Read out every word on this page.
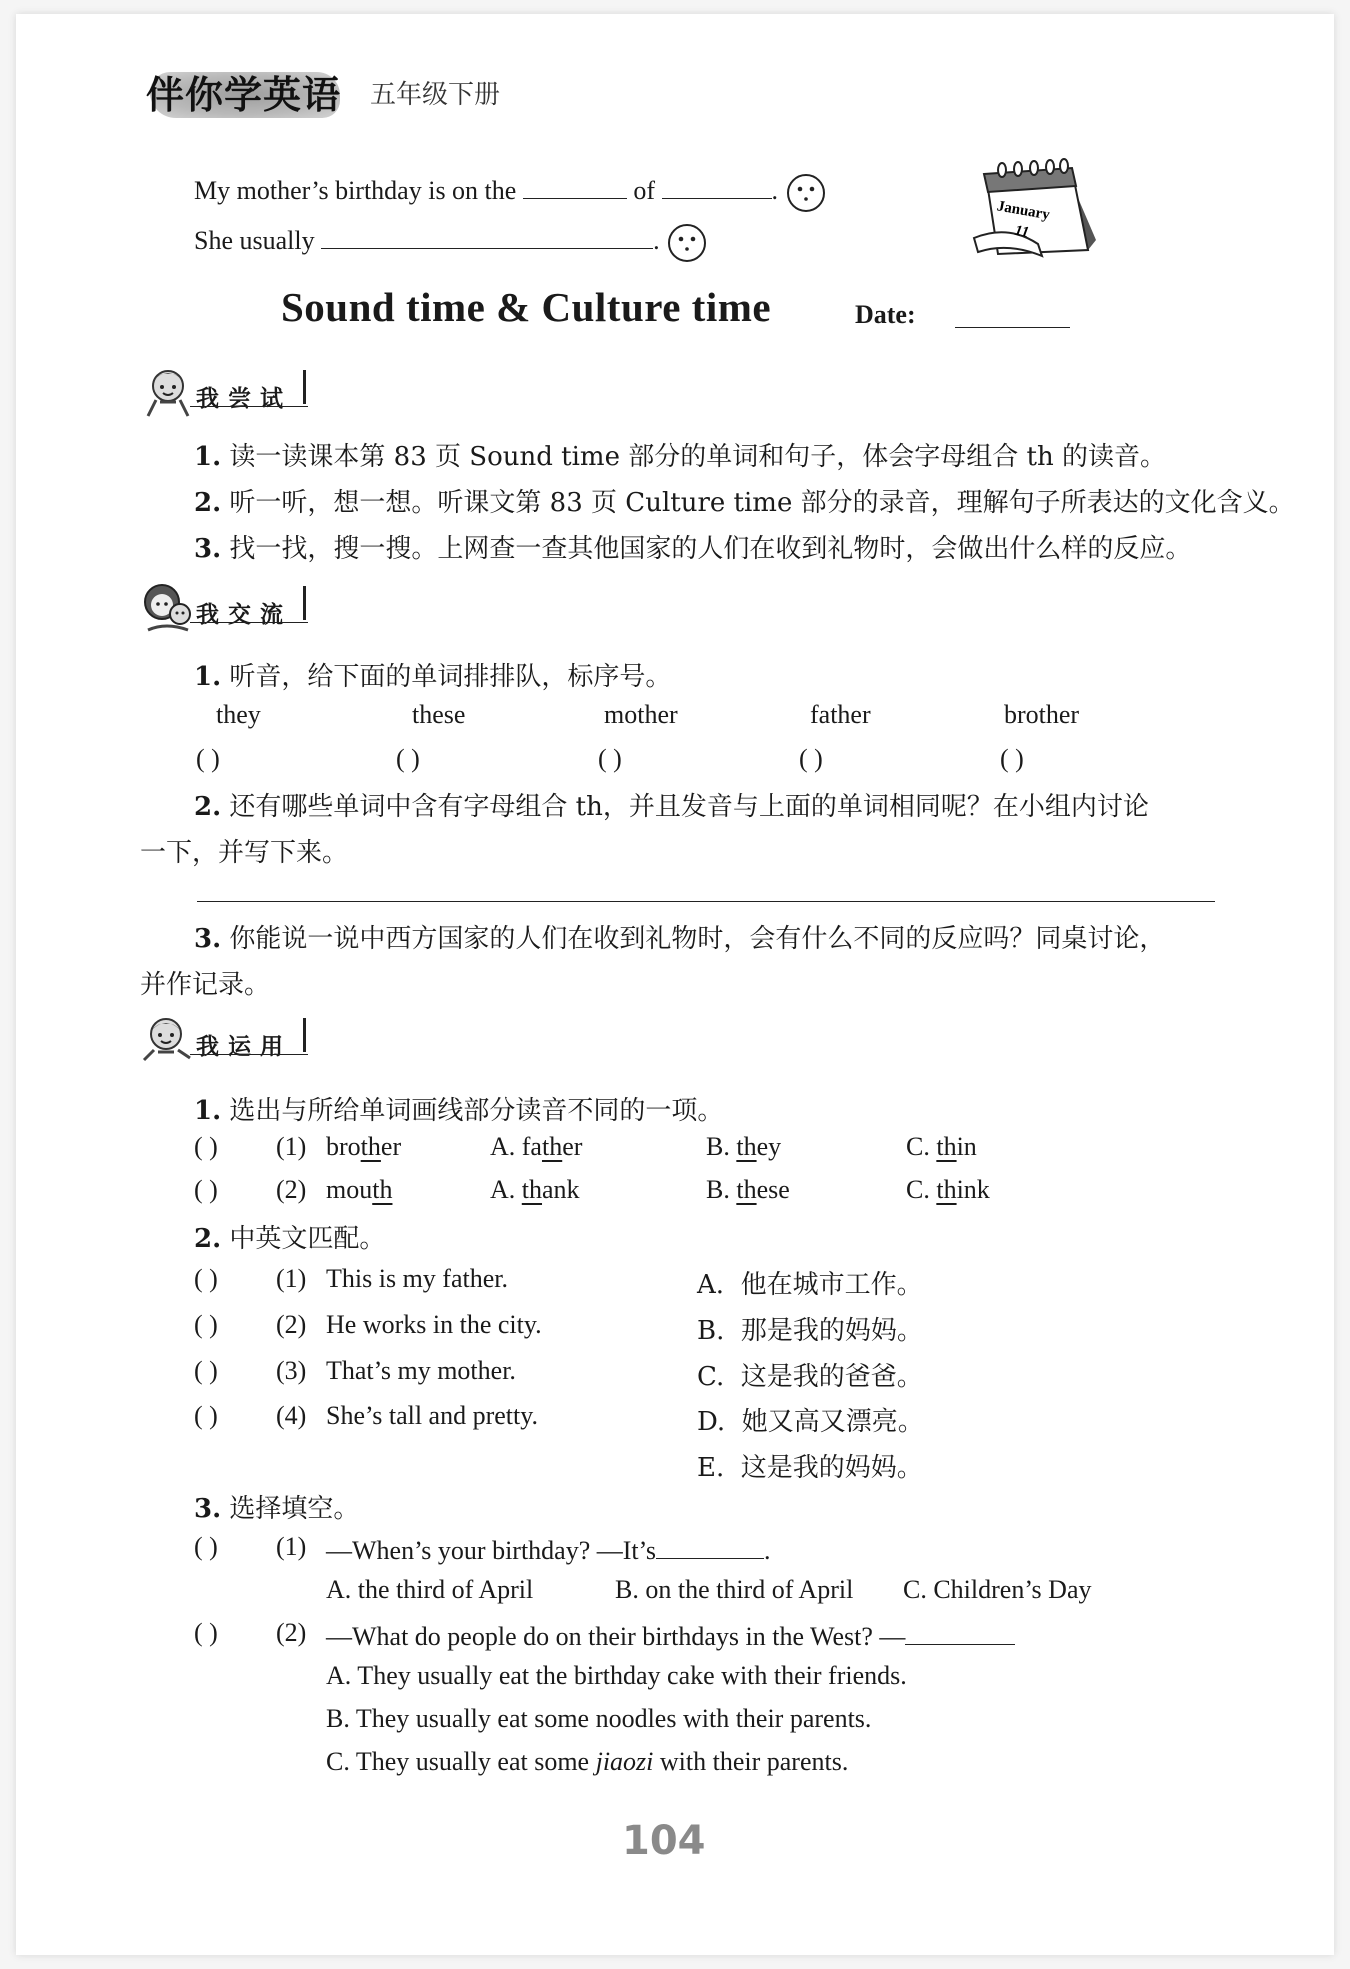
伴你学英语 五年级下册
My mother’s birthday is on the	of	.
She usually	.
January
11
Sound time & Culture time	Date:
我尝试
1. 读一读课本第 83 页 Sound time 部分的单词和句子，体会字母组合 th 的读音。
2. 听一听，想一想。听课文第 83 页 Culture time 部分的录音，理解句子所表达的文化含义。
3. 找一找，搜一搜。上网查一查其他国家的人们在收到礼物时，会做出什么样的反应。
我交流
1. 听音，给下面的单词排排队，标序号。
they	these	mother	father	brother
( )	( )	( )	( )	( )
2. 还有哪些单词中含有字母组合 th，并且发音与上面的单词相同呢？在小组内讨论
一下，并写下来。
3. 你能说一说中西方国家的人们在收到礼物时，会有什么不同的反应吗？同桌讨论，
并作记录。
我运用
1. 选出与所给单词画线部分读音不同的一项。
( ) (1) brother	A. father	B. they	C. thin
( ) (2) mouth	A. thank	B. these	C. think
2. 中英文匹配。
( ) (1) This is my father.
( ) (2) He works in the city.
( ) (3) That’s my mother.
( ) (4) She’s tall and pretty.
A. 他在城市工作。
B. 那是我的妈妈。
C. 这是我的爸爸。
D. 她又高又漂亮。
E. 这是我的妈妈。
3. 选择填空。
( ) (1) —When’s your birthday? —It’s	.
A. the third of April	B. on the third of April C. Children’s Day
( ) (2) —What do people do on their birthdays in the West? —
A. They usually eat the birthday cake with their friends.
B. They usually eat some noodles with their parents.
C. They usually eat some jiaozi with their parents.
104
